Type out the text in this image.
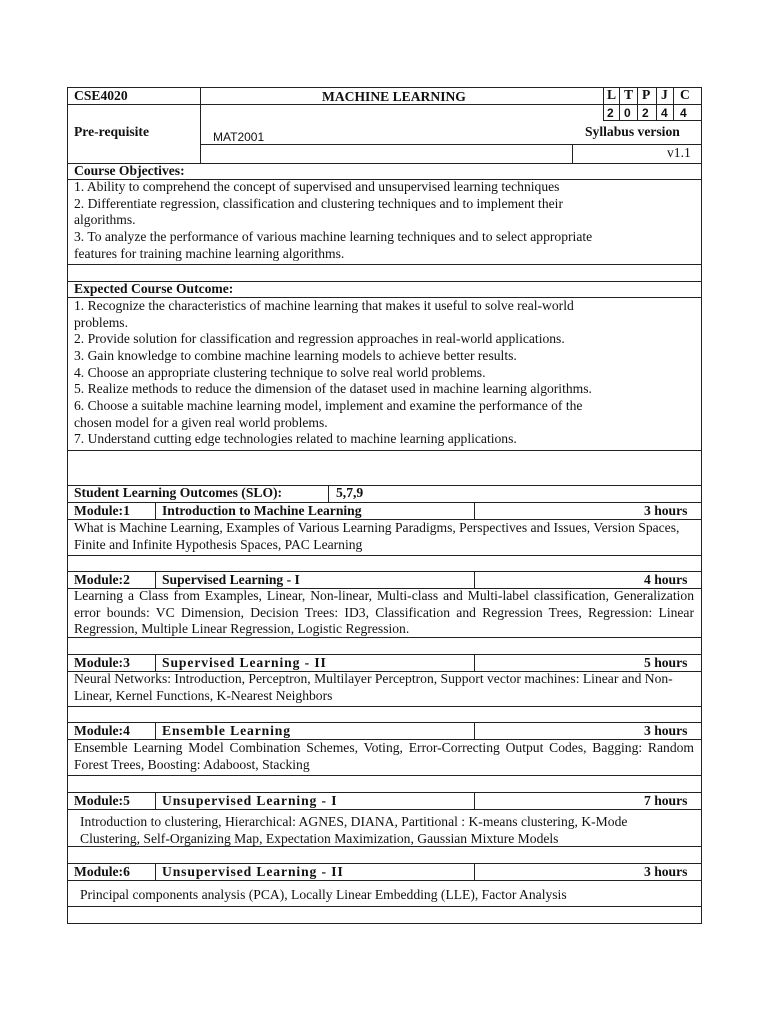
CSE4020	MACHINE LEARNING	L T P J C
2 0 2 4 4
Pre-requisite	MAT2001	Syllabus version
v1.1
Course Objectives:
1. Ability to comprehend the concept of supervised and unsupervised learning techniques
2. Differentiate regression, classification and clustering techniques and to implement their
algorithms.
3. To analyze the performance of various machine learning techniques and to select appropriate
features for training machine learning algorithms.
Expected Course Outcome:
1. Recognize the characteristics of machine learning that makes it useful to solve real-world
problems.
2. Provide solution for classification and regression approaches in real-world applications.
3. Gain knowledge to combine machine learning models to achieve better results.
4. Choose an appropriate clustering technique to solve real world problems.
5. Realize methods to reduce the dimension of the dataset used in machine learning algorithms.
6. Choose a suitable machine learning model, implement and examine the performance of the
chosen model for a given real world problems.
7. Understand cutting edge technologies related to machine learning applications.
Student Learning Outcomes (SLO):	5,7,9
Module:1 Introduction to Machine Learning	3 hours
What is Machine Learning, Examples of Various Learning Paradigms, Perspectives and Issues, Version Spaces, Finite and Infinite Hypothesis Spaces, PAC Learning
Module:2 Supervised Learning - I	4 hours
Learning a Class from Examples, Linear, Non-linear, Multi-class and Multi-label classification, Generalization error bounds: VC Dimension, Decision Trees: ID3, Classification and Regression Trees, Regression: Linear Regression, Multiple Linear Regression, Logistic Regression.
Module:3 Supervised Learning - II	5 hours
Neural Networks: Introduction, Perceptron, Multilayer Perceptron, Support vector machines: Linear and Non-Linear, Kernel Functions, K-Nearest Neighbors
Module:4 Ensemble Learning	3 hours
Ensemble Learning Model Combination Schemes, Voting, Error-Correcting Output Codes, Bagging: Random Forest Trees, Boosting: Adaboost, Stacking
Module:5 Unsupervised Learning - I	7 hours
Introduction to clustering, Hierarchical: AGNES, DIANA, Partitional : K-means clustering, K-Mode Clustering, Self-Organizing Map, Expectation Maximization, Gaussian Mixture Models
Module:6 Unsupervised Learning - II	3 hours
Principal components analysis (PCA), Locally Linear Embedding (LLE), Factor Analysis
